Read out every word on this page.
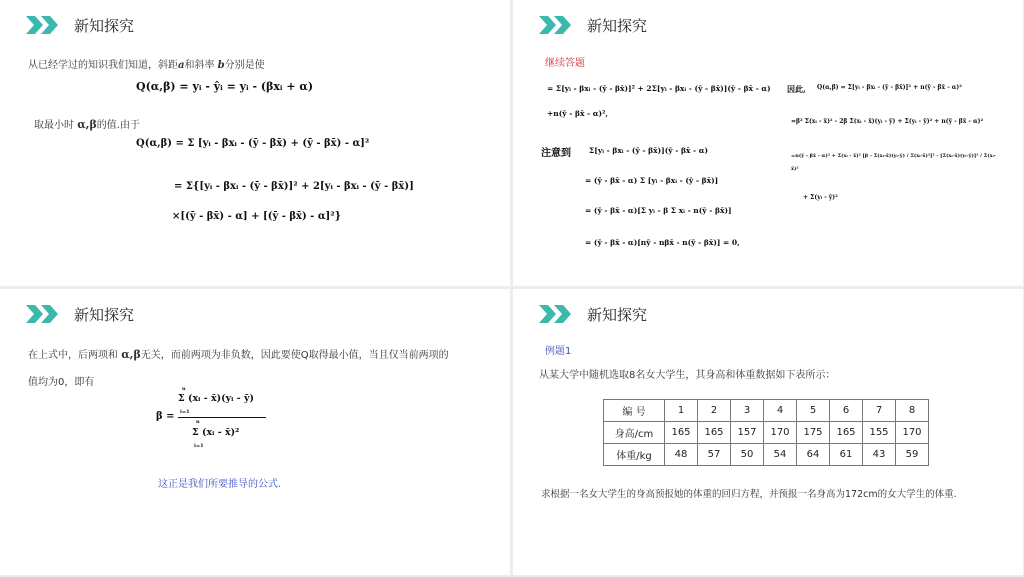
新知探究
从已经学过的知识我们知道，斜距a和斜率 b分别是使
Q(α,β) = yᵢ - ŷᵢ = yᵢ - (βxᵢ + α)
取最小时 α,β的值.由于
Q(α,β) = Σ [yᵢ - βxᵢ - (ȳ - βx̄) + (ȳ - βx̄) - α]²
= Σ{[yᵢ - βxᵢ - (ȳ - βx̄)]² + 2[yᵢ - βxᵢ - (ȳ - βx̄)]
×[(ȳ - βx̄) - α] + [(ȳ - βx̄) - α]²}
新知探究
继续答题
= Σ[yᵢ - βxᵢ - (ȳ - βx̄)]² + 2Σ[yᵢ - βxᵢ - (ȳ - βx̄)](ȳ - βx̄ - α)
+n(ȳ - βx̄ - α)²,
注意到 Σ[yᵢ - βxᵢ - (ȳ - βx̄)](ȳ - βx̄ - α)
= (ȳ - βx̄ - α) Σ [yᵢ - βxᵢ - (ȳ - βx̄)]
= (ȳ - βx̄ - α)[Σ yᵢ - β Σ xᵢ - n(ȳ - βx̄)]
= (ȳ - βx̄ - α)[nȳ - nβx̄ - n(ȳ - βx̄)] = 0,
因此, Q(α,β) = Σ[yᵢ - βxᵢ - (ȳ - βx̄)]² + n(ȳ - βx̄ - α)²
=β² Σ(xᵢ - x̄)² - 2β Σ(xᵢ - x̄)(yᵢ - ȳ) + Σ(yᵢ - ȳ)² + n(ȳ - βx̄ - α)²
=n(ȳ - βx̄ - α)² + Σ(xᵢ - x̄)² [β - Σ(xᵢ-x̄)(yᵢ-ȳ) / Σ(xᵢ-x̄)²]² - [Σ(xᵢ-x̄)(yᵢ-ȳ)]² / Σ(xᵢ-x̄)²
+ Σ(yᵢ - ȳ)²
新知探究
在上式中，后两项和 α,β无关，而前两项为非负数，因此要使Q取得最小值，当且仅当前两项的
值均为0，即有
β =
n
i=1
Σ (xᵢ - x̄)(yᵢ - ȳ)
n
i=1
Σ (xᵢ - x̄)²
这正是我们所要推导的公式.
新知探究
例题1
从某大学中随机选取8名女大学生，其身高和体重数据如下表所示：
编 号	1	2	3	4	5	6	7	8
身高/cm	165	165	157	170	175	165	155	170
体重/kg	48	57	50	54	64	61	43	59
求根据一名女大学生的身高预报她的体重的回归方程，并预报一名身高为172cm的女大学生的体重.
